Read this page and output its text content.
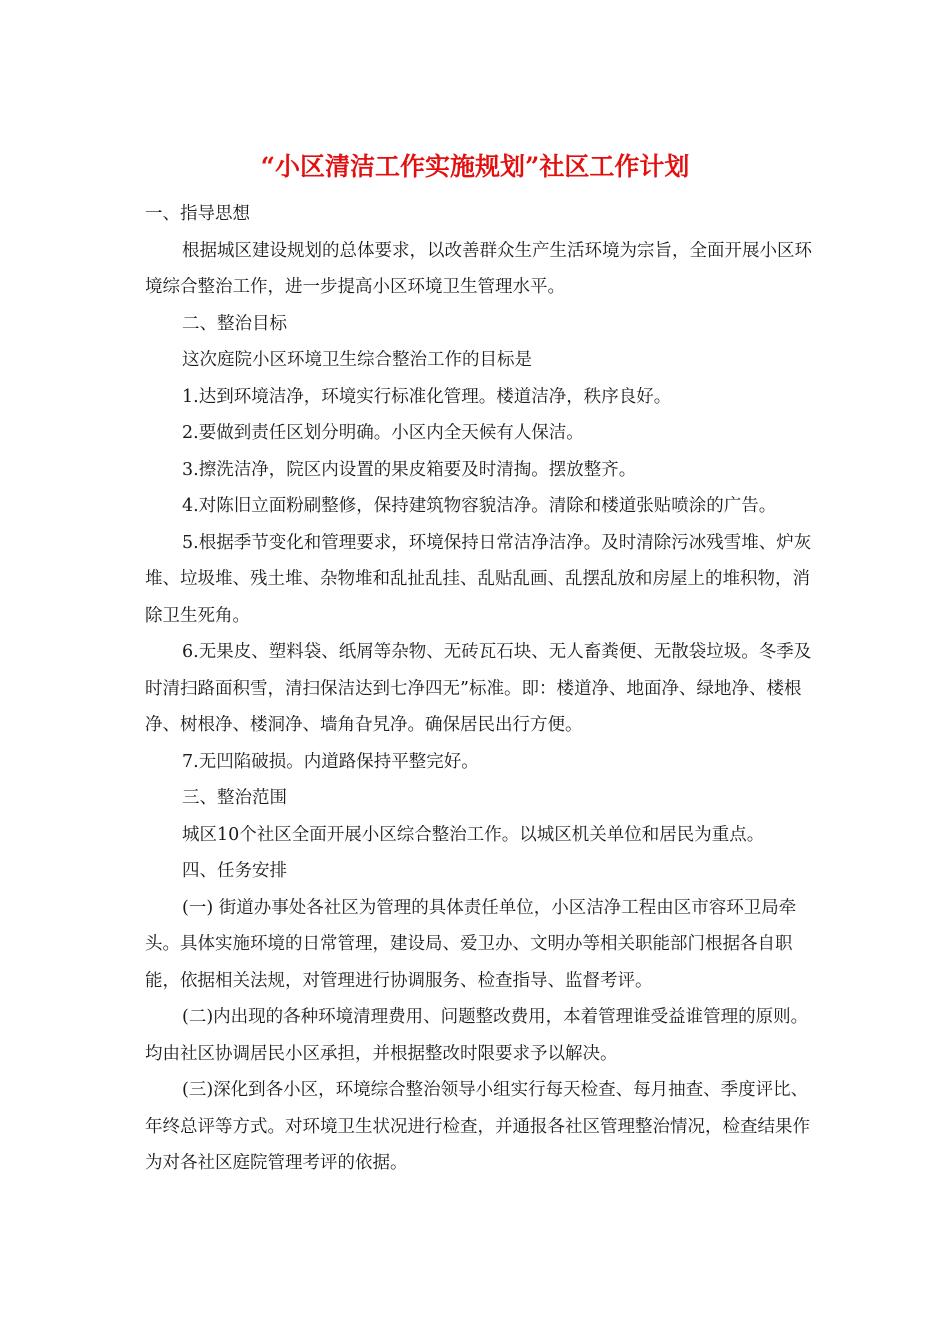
“小区清洁工作实施规划”社区工作计划

一、指导思想

根据城区建设规划的总体要求，以改善群众生产生活环境为宗旨，全面开展小区环境综合整治工作，进一步提高小区环境卫生管理水平。

二、整治目标

这次庭院小区环境卫生综合整治工作的目标是

1.达到环境洁净，环境实行标准化管理。楼道洁净，秩序良好。

2.要做到责任区划分明确。小区内全天候有人保洁。

3.擦洗洁净，院区内设置的果皮箱要及时清掏。摆放整齐。

4.对陈旧立面粉刷整修，保持建筑物容貌洁净。清除和楼道张贴喷涂的广告。

5.根据季节变化和管理要求，环境保持日常洁净洁净。及时清除污冰残雪堆、炉灰堆、垃圾堆、残土堆、杂物堆和乱扯乱挂、乱贴乱画、乱摆乱放和房屋上的堆积物，消除卫生死角。

6.无果皮、塑料袋、纸屑等杂物、无砖瓦石块、无人畜粪便、无散袋垃圾。冬季及时清扫路面积雪，清扫保洁达到七净四无”标准。即：楼道净、地面净、绿地净、楼根净、树根净、楼洞净、墙角旮旯净。确保居民出行方便。

7.无凹陷破损。内道路保持平整完好。

三、整治范围

城区10个社区全面开展小区综合整治工作。以城区机关单位和居民为重点。

四、任务安排

(一) 街道办事处各社区为管理的具体责任单位，小区洁净工程由区市容环卫局牵头。具体实施环境的日常管理，建设局、爱卫办、文明办等相关职能部门根据各自职能，依据相关法规，对管理进行协调服务、检查指导、监督考评。

(二)内出现的各种环境清理费用、问题整改费用，本着管理谁受益谁管理的原则。均由社区协调居民小区承担，并根据整改时限要求予以解决。

(三)深化到各小区，环境综合整治领导小组实行每天检查、每月抽查、季度评比、年终总评等方式。对环境卫生状况进行检查，并通报各社区管理整治情况，检查结果作为对各社区庭院管理考评的依据。
